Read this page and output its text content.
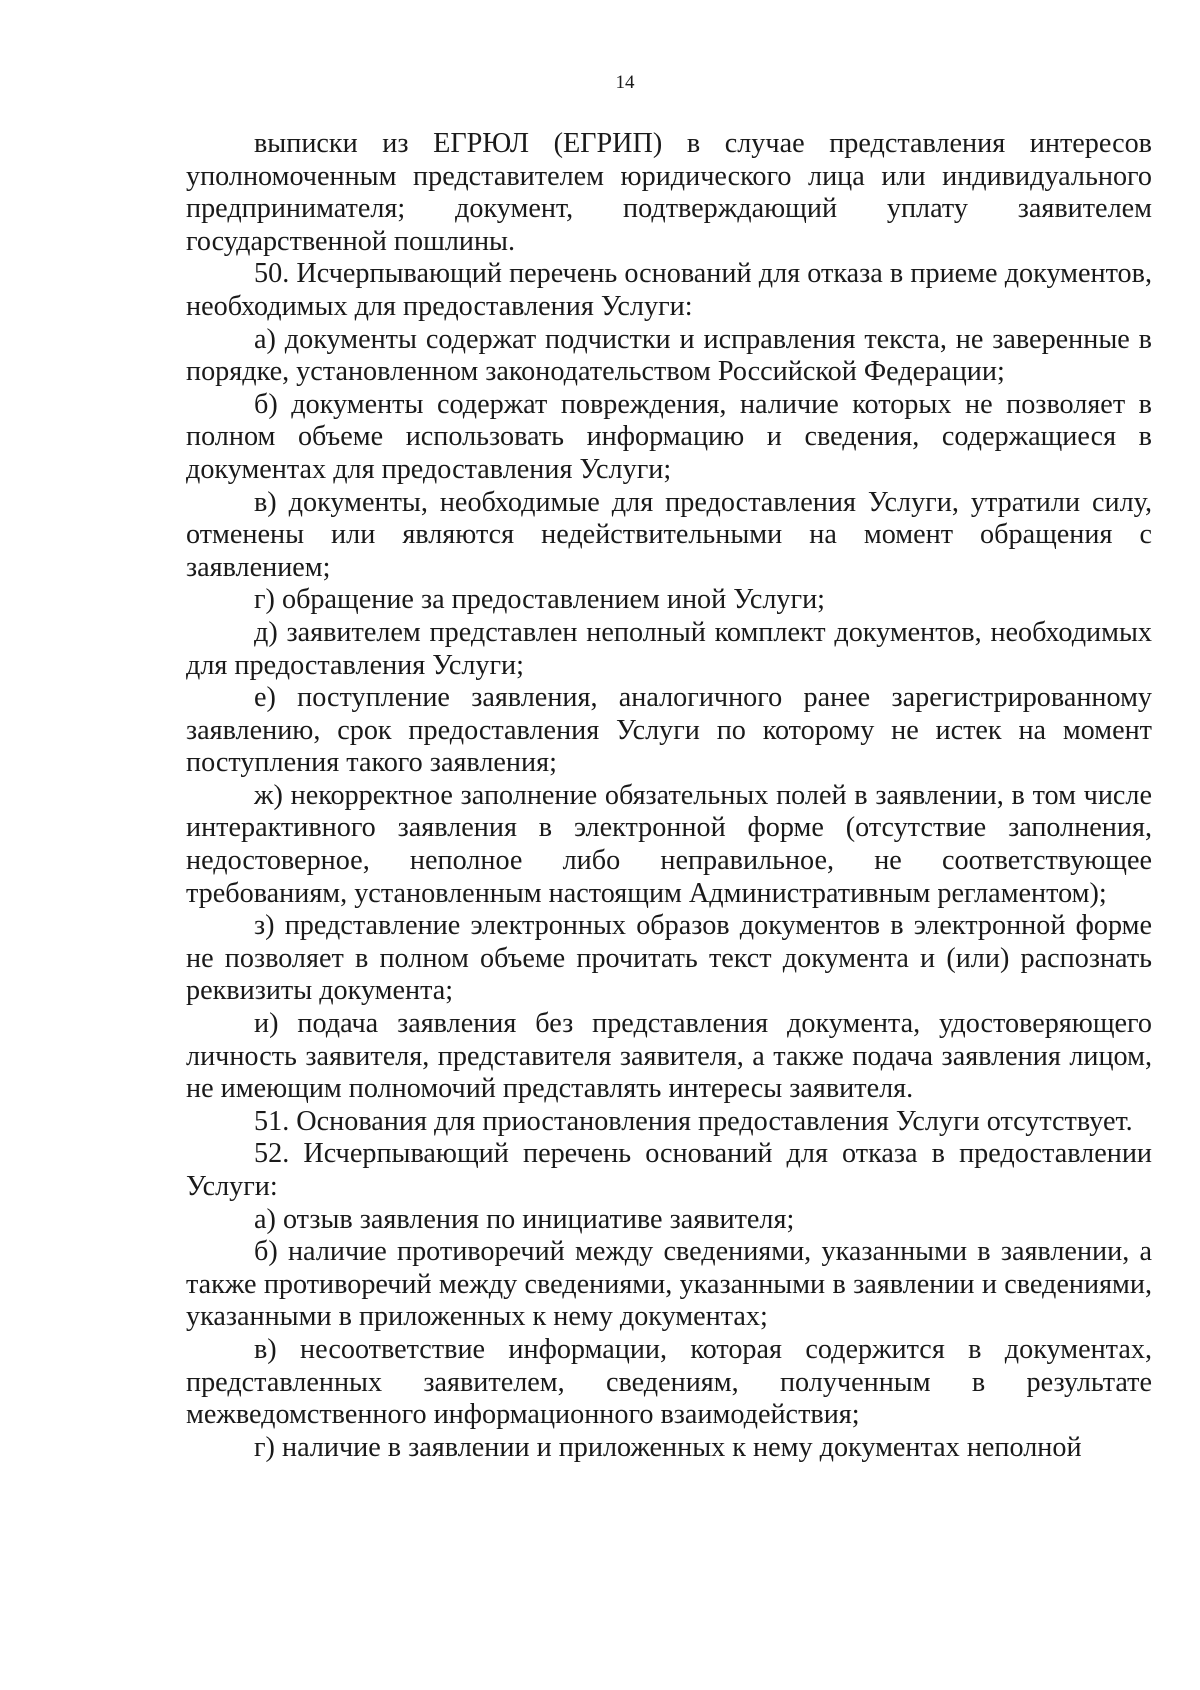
14

выписки из ЕГРЮЛ (ЕГРИП) в случае представления интересов уполномоченным представителем юридического лица или индивидуального предпринимателя; документ, подтверждающий уплату заявителем государственной пошлины.

50. Исчерпывающий перечень оснований для отказа в приеме документов, необходимых для предоставления Услуги:

а) документы содержат подчистки и исправления текста, не заверенные в порядке, установленном законодательством Российской Федерации;

б) документы содержат повреждения, наличие которых не позволяет в полном объеме использовать информацию и сведения, содержащиеся в документах для предоставления Услуги;

в) документы, необходимые для предоставления Услуги, утратили силу, отменены или являются недействительными на момент обращения с заявлением;

г) обращение за предоставлением иной Услуги;

д) заявителем представлен неполный комплект документов, необходимых для предоставления Услуги;

е) поступление заявления, аналогичного ранее зарегистрированному заявлению, срок предоставления Услуги по которому не истек на момент поступления такого заявления;

ж) некорректное заполнение обязательных полей в заявлении, в том числе интерактивного заявления в электронной форме (отсутствие заполнения, недостоверное, неполное либо неправильное, не соответствующее требованиям, установленным настоящим Административным регламентом);

з) представление электронных образов документов в электронной форме не позволяет в полном объеме прочитать текст документа и (или) распознать реквизиты документа;

и) подача заявления без представления документа, удостоверяющего личность заявителя, представителя заявителя, а также подача заявления лицом, не имеющим полномочий представлять интересы заявителя.

51. Основания для приостановления предоставления Услуги отсутствует.

52. Исчерпывающий перечень оснований для отказа в предоставлении Услуги:

а) отзыв заявления по инициативе заявителя;

б) наличие противоречий между сведениями, указанными в заявлении, а также противоречий между сведениями, указанными в заявлении и сведениями, указанными в приложенных к нему документах;

в) несоответствие информации, которая содержится в документах, представленных заявителем, сведениям, полученным в результате межведомственного информационного взаимодействия;

г) наличие в заявлении и приложенных к нему документах неполной
